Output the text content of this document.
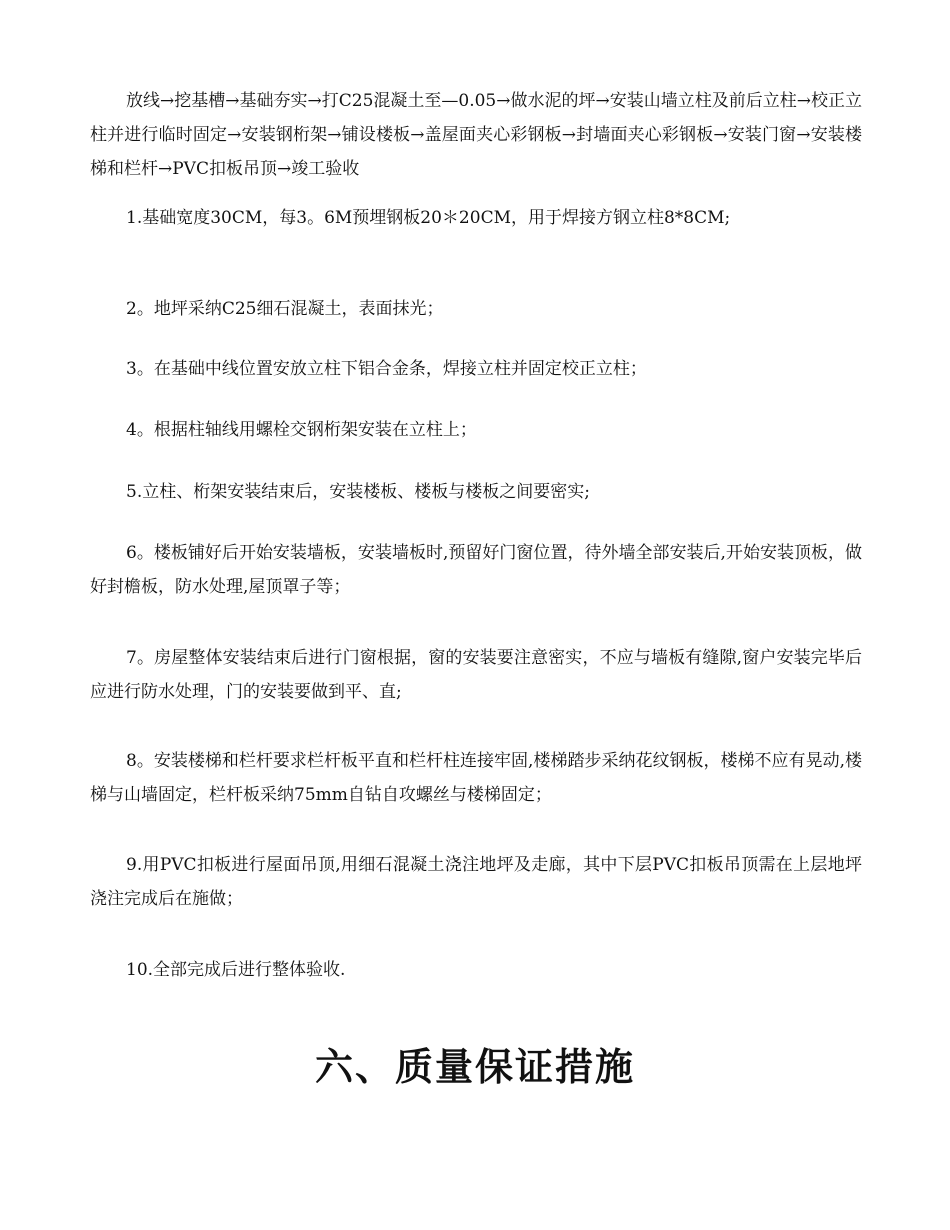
放线→挖基槽→基础夯实→打C25混凝土至—0.05→做水泥的坪→安装山墙立柱及前后立柱→校正立柱并进行临时固定→安装钢桁架→铺设楼板→盖屋面夹心彩钢板→封墙面夹心彩钢板→安装门窗→安装楼梯和栏杆→PVC扣板吊顶→竣工验收

1.基础宽度30CM，每3。6M预埋钢板20＊20CM，用于焊接方钢立柱8*8CM;

2。地坪采纳C25细石混凝土，表面抹光；

3。在基础中线位置安放立柱下铝合金条，焊接立柱并固定校正立柱；

4。根据柱轴线用螺栓交钢桁架安装在立柱上；

5.立柱、桁架安装结束后，安装楼板、楼板与楼板之间要密实;

6。楼板铺好后开始安装墙板，安装墙板时,预留好门窗位置，待外墙全部安装后,开始安装顶板，做好封檐板，防水处理,屋顶罩子等；

7。房屋整体安装结束后进行门窗根据，窗的安装要注意密实，不应与墙板有缝隙,窗户安装完毕后应进行防水处理，门的安装要做到平、直;

8。安装楼梯和栏杆要求栏杆板平直和栏杆柱连接牢固,楼梯踏步采纳花纹钢板，楼梯不应有晃动,楼梯与山墙固定，栏杆板采纳75mm自钻自攻螺丝与楼梯固定；

9.用PVC扣板进行屋面吊顶,用细石混凝土浇注地坪及走廊，其中下层PVC扣板吊顶需在上层地坪浇注完成后在施做；

10.全部完成后进行整体验收.

六、质量保证措施
